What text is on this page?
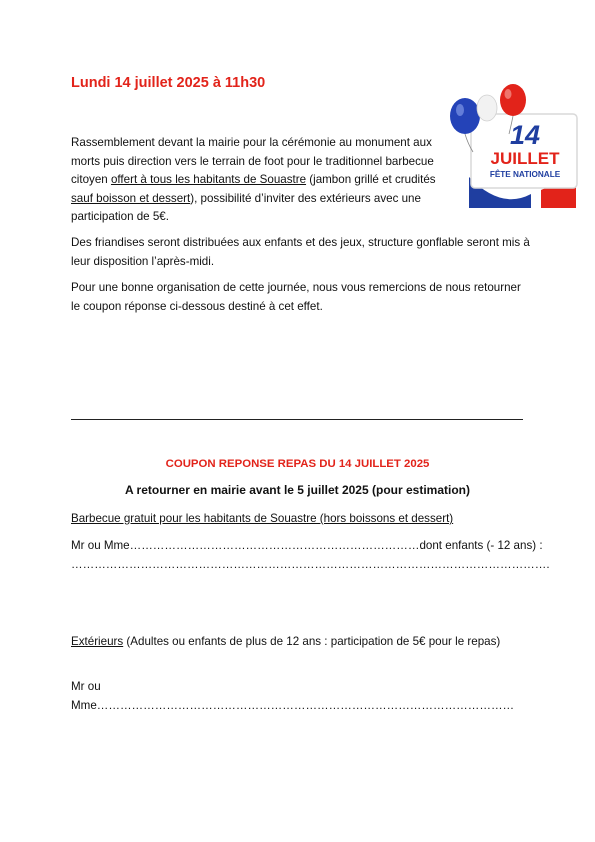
Lundi 14 juillet 2025 à 11h30
Rassemblement devant la mairie pour la cérémonie au monument aux morts puis direction vers le terrain de foot pour le traditionnel barbecue citoyen offert à tous les habitants de Souastre (jambon grillé et crudités sauf boisson et dessert), possibilité d’inviter des extérieurs avec une participation de 5€.
Des friandises seront distribuées aux enfants et des jeux, structure gonflable seront mis à leur disposition l’après-midi.
Pour une bonne organisation de cette journée, nous vous remercions de nous retourner le coupon réponse ci-dessous destiné à cet effet.
14
JUILLET
FÊTE NATIONALE
COUPON REPONSE REPAS DU 14 JUILLET 2025
A retourner en mairie avant le 5 juillet 2025 (pour estimation)
Barbecue gratuit pour les habitants de Souastre (hors boissons et dessert)
Mr ou Mme…………………………………………………………………dont enfants (- 12 ans) :
…………………………………………………………………………………………………………….
Extérieurs (Adultes ou enfants de plus de 12 ans : participation de 5€ pour le repas)
Mr ou
Mme………………………………………………………………………………………………
